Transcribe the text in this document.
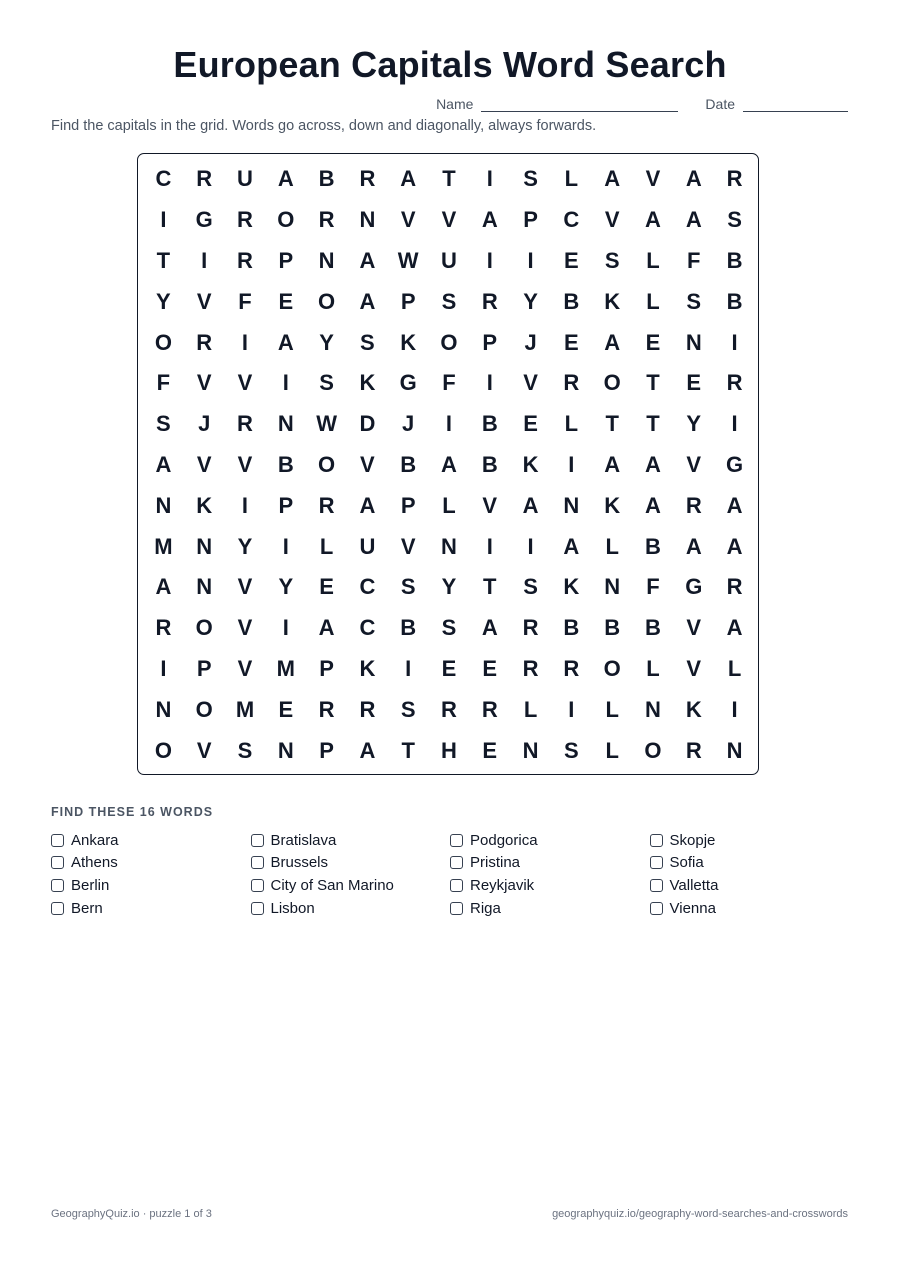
European Capitals Word Search
Name	Date
Find the capitals in the grid. Words go across, down and diagonally, always forwards.
C	R	U	A	B	R	A	T	I	S	L	A	V	A	R
I	G	R	O	R	N	V	V	A	P	C	V	A	A	S
T	I	R	P	N	A	W	U	I	I	E	S	L	F	B
Y	V	F	E	O	A	P	S	R	Y	B	K	L	S	B
O	R	I	A	Y	S	K	O	P	J	E	A	E	N	I
F	V	V	I	S	K	G	F	I	V	R	O	T	E	R
S	J	R	N	W	D	J	I	B	E	L	T	T	Y	I
A	V	V	B	O	V	B	A	B	K	I	A	A	V	G
N	K	I	P	R	A	P	L	V	A	N	K	A	R	A
M	N	Y	I	L	U	V	N	I	I	A	L	B	A	A
A	N	V	Y	E	C	S	Y	T	S	K	N	F	G	R
R	O	V	I	A	C	B	S	A	R	B	B	B	V	A
I	P	V	M	P	K	I	E	E	R	R	O	L	V	L
N	O	M	E	R	R	S	R	R	L	I	L	N	K	I
O	V	S	N	P	A	T	H	E	N	S	L	O	R	N
FIND THESE 16 WORDS
Ankara
Athens
Berlin
Bern
Bratislava
Brussels
City of San Marino
Lisbon
Podgorica
Pristina
Reykjavik
Riga
Skopje
Sofia
Valletta
Vienna
GeographyQuiz.io · puzzle 1 of 3	geographyquiz.io/geography-word-searches-and-crosswords
